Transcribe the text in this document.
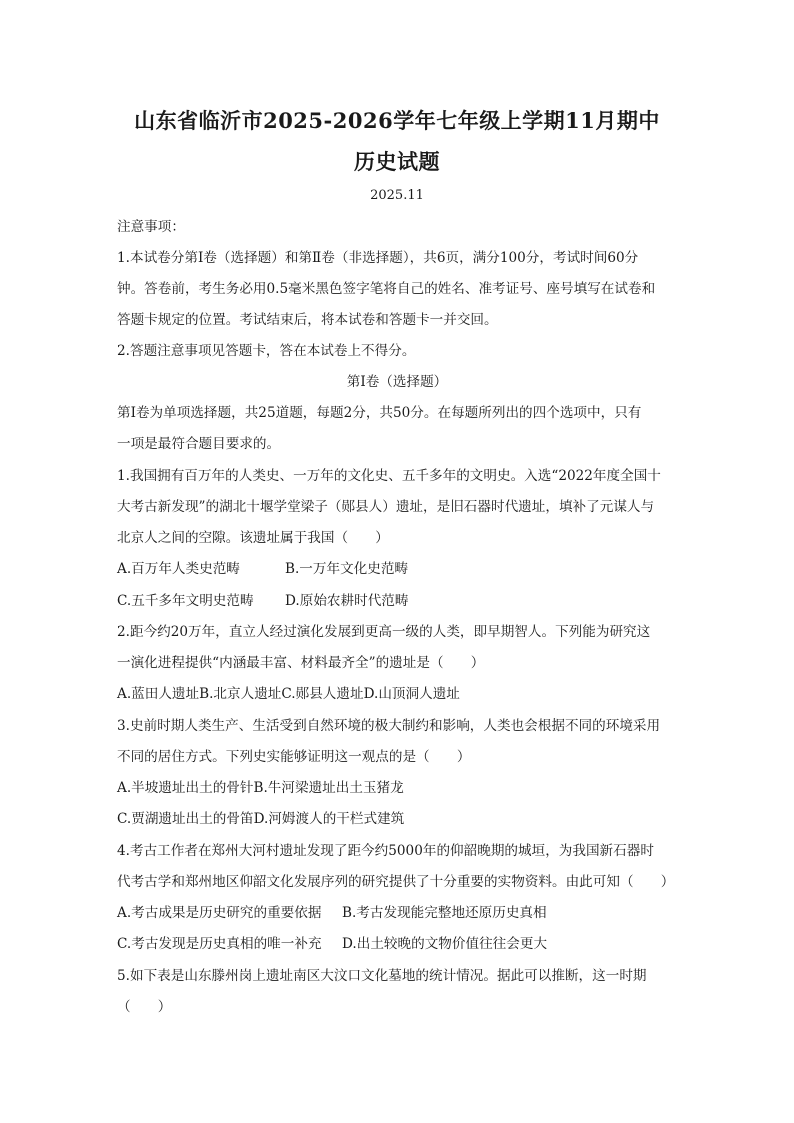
山东省临沂市2025-2026学年七年级上学期11月期中
历史试题
2025.11
注意事项：
1.本试卷分第Ⅰ卷（选择题）和第Ⅱ卷（非选择题），共6页，满分100分，考试时间60分
钟。答卷前，考生务必用0.5毫米黑色签字笔将自己的姓名、准考证号、座号填写在试卷和
答题卡规定的位置。考试结束后，将本试卷和答题卡一并交回。
2.答题注意事项见答题卡，答在本试卷上不得分。
第Ⅰ卷（选择题）
第Ⅰ卷为单项选择题，共25道题，每题2分，共50分。在每题所列出的四个选项中，只有
一项是最符合题目要求的。
1.我国拥有百万年的人类史、一万年的文化史、五千多年的文明史。入选“2022年度全国十
大考古新发现”的湖北十堰学堂梁子（郧县人）遗址，是旧石器时代遗址，填补了元谋人与
北京人之间的空隙。该遗址属于我国（　　）
A.百万年人类史范畴	B.一万年文化史范畴
C.五千多年文明史范畴 D.原始农耕时代范畴
2.距今约20万年，直立人经过演化发展到更高一级的人类，即早期智人。下列能为研究这
一演化进程提供“内涵最丰富、材料最齐全”的遗址是（　　）
A.蓝田人遗址B.北京人遗址C.郧县人遗址D.山顶洞人遗址
3.史前时期人类生产、生活受到自然环境的极大制约和影响，人类也会根据不同的环境采用
不同的居住方式。下列史实能够证明这一观点的是（　　）
A.半坡遗址出土的骨针B.牛河梁遗址出土玉猪龙
C.贾湖遗址出土的骨笛D.河姆渡人的干栏式建筑
4.考古工作者在郑州大河村遗址发现了距今约5000年的仰韶晚期的城垣，为我国新石器时
代考古学和郑州地区仰韶文化发展序列的研究提供了十分重要的实物资料。由此可知（　　）
A.考古成果是历史研究的重要依据 B.考古发现能完整地还原历史真相
C.考古发现是历史真相的唯一补充 D.出土较晚的文物价值往往会更大
5.如下表是山东滕州岗上遗址南区大汶口文化墓地的统计情况。据此可以推断，这一时期
（　　）
